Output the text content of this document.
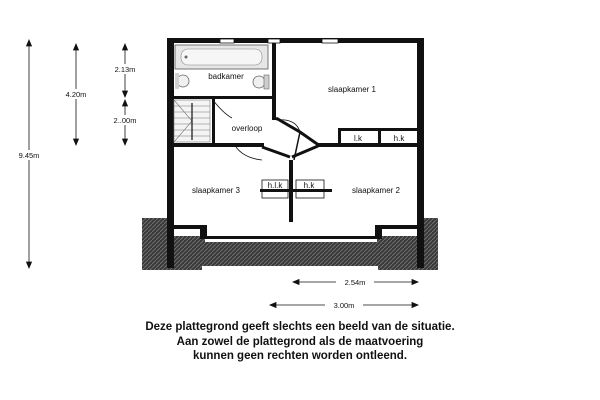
badkamer
slaapkamer 1
overloop
l.k	h.k
h.l.k	h.k
slaapkamer 3	slaapkamer 2
9.45m
4.20m
2.13m
2..00m
2.54m
3.00m
Deze plattegrond geeft slechts een beeld van de situatie.
Aan zowel de plattegrond als de maatvoering
kunnen geen rechten worden ontleend.
